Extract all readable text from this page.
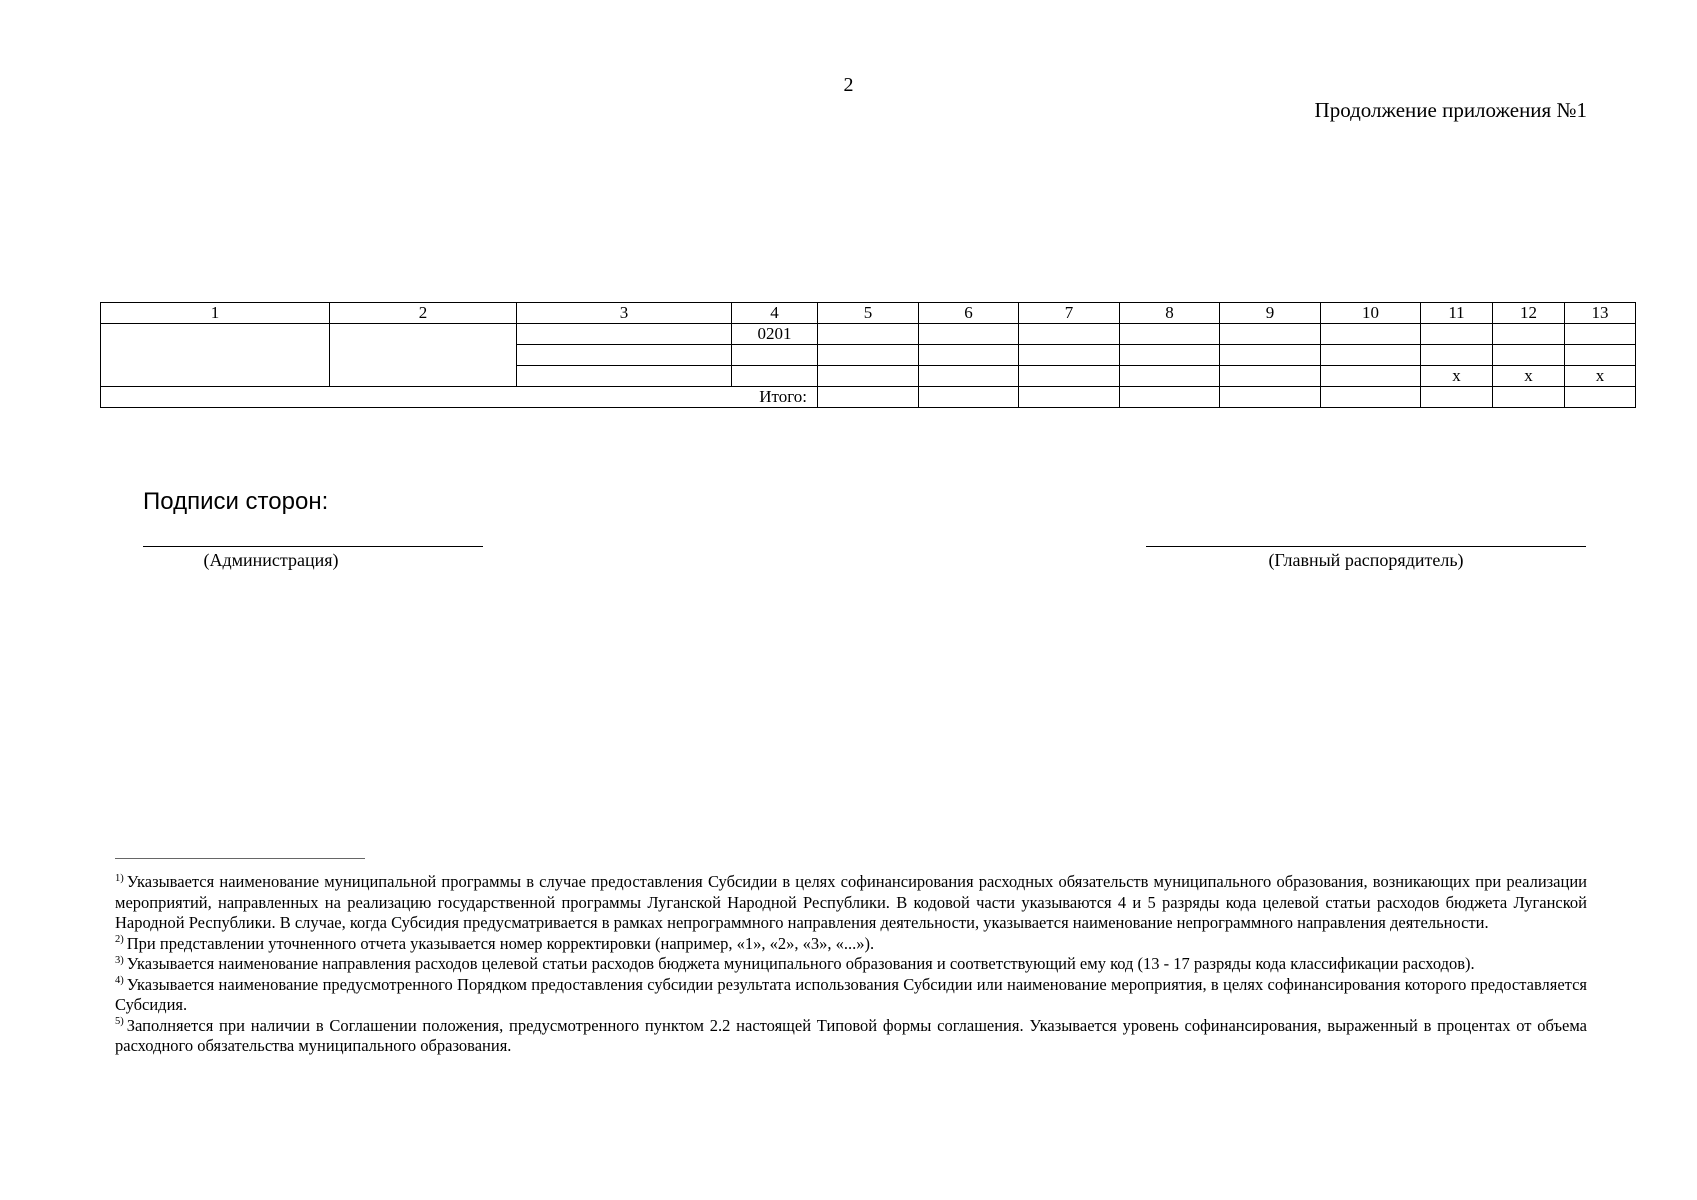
2
Продолжение приложения №1
1	2	3	4	5	6	7	8	9	10	11	12	13
			0201									

										x	x	x
Итого:												
Подписи сторон:
(Администрация)	(Главный распорядитель)

$^{1)}$ Указывается наименование муниципальной программы в случае предоставления Субсидии в целях софинансирования расходных обязательств муниципального образования, возникающих при реализации мероприятий, направленных на реализацию государственной программы Луганской Народной Республики. В кодовой части указываются 4 и 5 разряды кода целевой статьи расходов бюджета Луганской Народной Республики. В случае, когда Субсидия предусматривается в рамках непрограммного направления деятельности, указывается наименование непрограммного направления деятельности.

$^{2)}$ При представлении уточненного отчета указывается номер корректировки (например, «1», «2», «3», «...»).

$^{3)}$ Указывается наименование направления расходов целевой статьи расходов бюджета муниципального образования и соответствующий ему код (13 - 17 разряды кода классификации расходов).

$^{4)}$ Указывается наименование предусмотренного Порядком предоставления субсидии результата использования Субсидии или наименование мероприятия, в целях софинансирования которого предоставляется Субсидия.

$^{5)}$ Заполняется при наличии в Соглашении положения, предусмотренного пунктом 2.2 настоящей Типовой формы соглашения. Указывается уровень софинансирования, выраженный в процентах от объема расходного обязательства муниципального образования.
